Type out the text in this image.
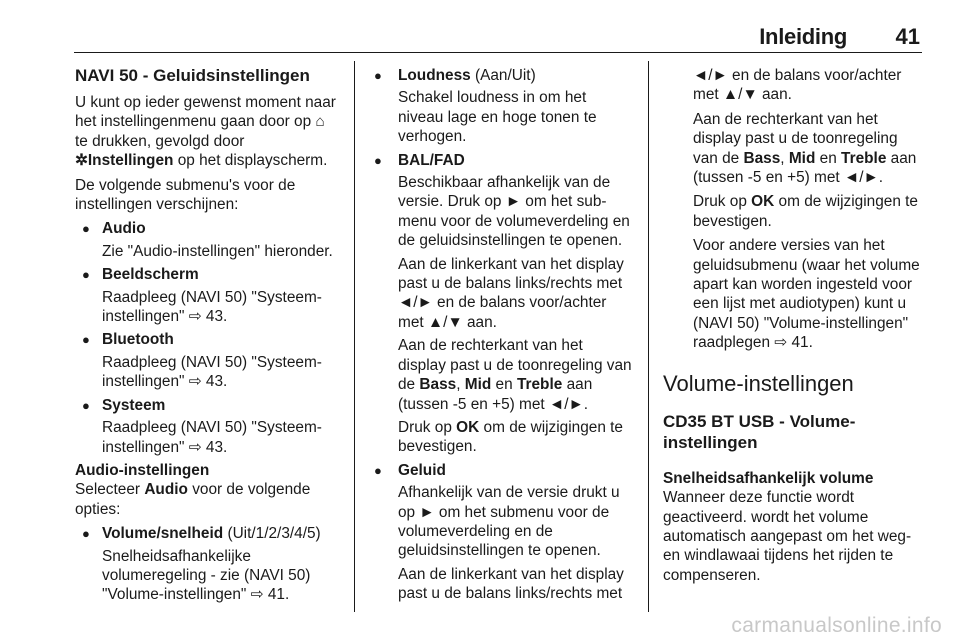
Inleiding 41
NAVI 50 - Geluidsinstellingen

U kunt op ieder gewenst moment naar het instellingenmenu gaan door op ⌂ te drukken, gevolgd door ✲Instellingen op het displayscherm.

De volgende submenu's voor de instellingen verschijnen:

● Audio
Zie "Audio-instellingen" hieronder.
● Beeldscherm
Raadpleeg (NAVI 50) "Systeem-instellingen" ⇨ 43.
● Bluetooth
Raadpleeg (NAVI 50) "Systeem-instellingen" ⇨ 43.
● Systeem
Raadpleeg (NAVI 50) "Systeem-instellingen" ⇨ 43.
Audio-instellingen

Selecteer Audio voor de volgende opties:

● Volume/snelheid (Uit/1/2/3/4/5)
Snelheidsafhankelijke volumeregeling - zie (NAVI 50) "Volume-instellingen" ⇨ 41.
● Loudness (Aan/Uit)
Schakel loudness in om het niveau lage en hoge tonen te verhogen.
● BAL/FAD
Beschikbaar afhankelijk van de versie. Druk op ► om het sub-menu voor de volumeverdeling en de geluidsinstellingen te openen.
Aan de linkerkant van het display past u de balans links/rechts met ◄/► en de balans voor/achter met ▲/▼ aan.
Aan de rechterkant van het display past u de toonregeling van de Bass, Mid en Treble aan (tussen -5 en +5) met ◄/►.
Druk op OK om de wijzigingen te bevestigen.
● Geluid
Afhankelijk van de versie drukt u op ► om het submenu voor de volumeverdeling en de geluidsinstellingen te openen.
Aan de linkerkant van het display past u de balans links/rechts met

◄/► en de balans voor/achter met ▲/▼ aan.

Aan de rechterkant van het display past u de toonregeling van de Bass, Mid en Treble aan (tussen -5 en +5) met ◄/►.

Druk op OK om de wijzigingen te bevestigen.

Voor andere versies van het geluidsubmenu (waar het volume apart kan worden ingesteld voor een lijst met audiotypen) kunt u (NAVI 50) "Volume-instellingen" raadplegen ⇨ 41.

Volume-instellingen
CD35 BT USB - Volume-instellingen
Snelheidsafhankelijk volume

Wanneer deze functie wordt geactiveerd. wordt het volume automatisch aangepast om het weg- en windlawaai tijdens het rijden te compenseren.

carmanualsonline.info
